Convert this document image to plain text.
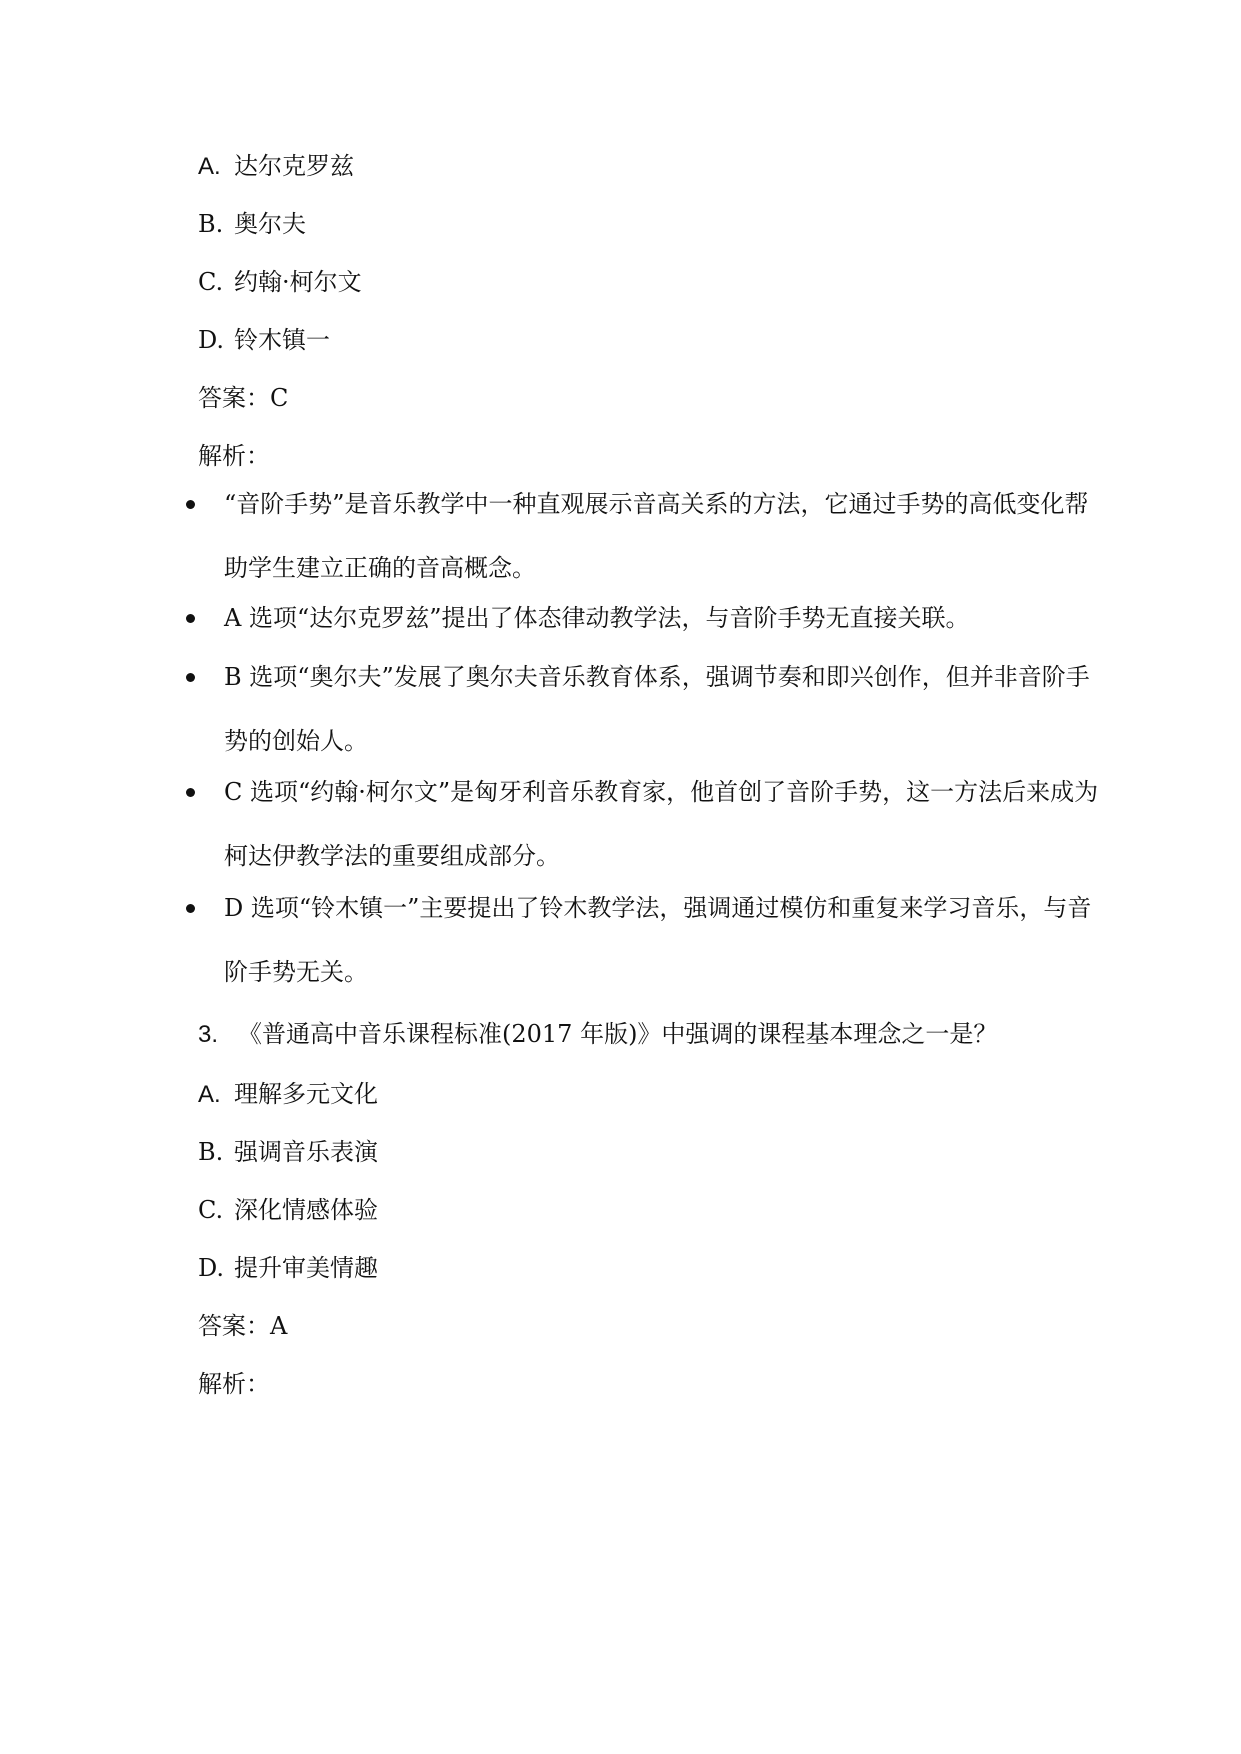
A. 达尔克罗兹
B. 奥尔夫
C. 约翰·柯尔文
D. 铃木镇一
答案：C
解析：
“音阶手势”是音乐教学中一种直观展示音高关系的方法，它通过手势的高低变化帮助学生建立正确的音高概念。
A 选项“达尔克罗兹”提出了体态律动教学法，与音阶手势无直接关联。
B 选项“奥尔夫”发展了奥尔夫音乐教育体系，强调节奏和即兴创作，但并非音阶手势的创始人。
C 选项“约翰·柯尔文”是匈牙利音乐教育家，他首创了音阶手势，这一方法后来成为柯达伊教学法的重要组成部分。
D 选项“铃木镇一”主要提出了铃木教学法，强调通过模仿和重复来学习音乐，与音阶手势无关。
3. 《普通高中音乐课程标准(2017 年版)》中强调的课程基本理念之一是？
A. 理解多元文化
B. 强调音乐表演
C. 深化情感体验
D. 提升审美情趣
答案：A
解析：
